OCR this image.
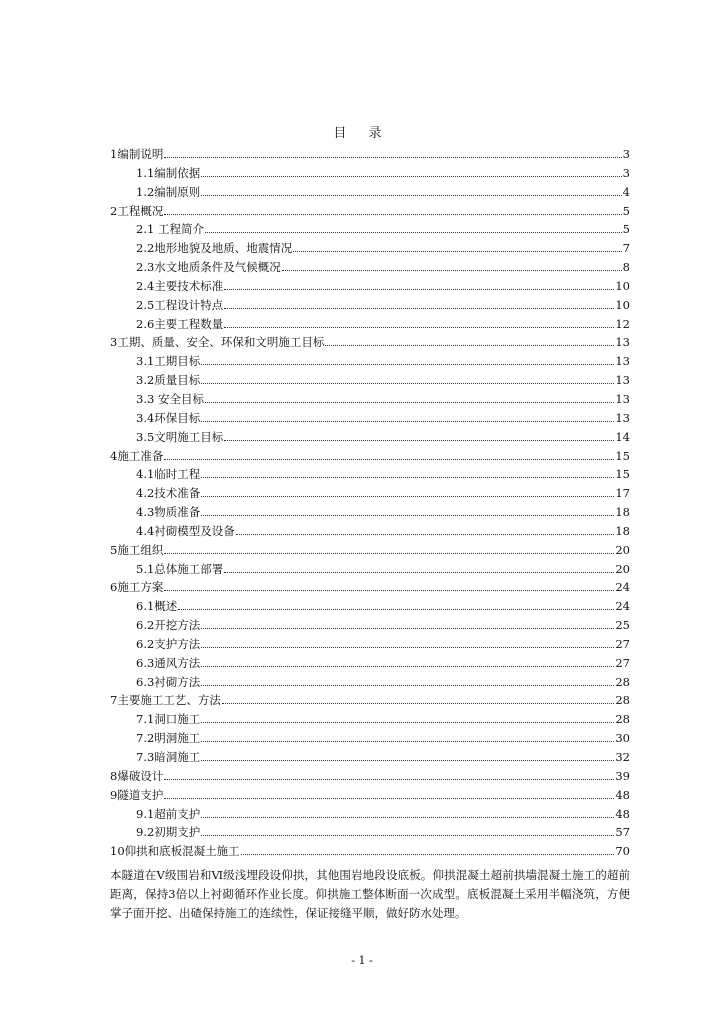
目 录
1编制说明	3
1.1编制依据	3
1.2编制原则	4
2工程概况	5
2.1 工程简介	5
2.2地形地貌及地质、地震情况	7
2.3水文地质条件及气候概况	8
2.4主要技术标准	10
2.5工程设计特点	10
2.6主要工程数量	12
3工期、质量、安全、环保和文明施工目标	13
3.1工期目标	13
3.2质量目标	13
3.3 安全目标	13
3.4环保目标	13
3.5文明施工目标	14
4施工准备	15
4.1临时工程	15
4.2技术准备	17
4.3物质准备	18
4.4衬砌模型及设备	18
5施工组织	20
5.1总体施工部署	20
6施工方案	24
6.1概述	24
6.2开挖方法	25
6.2支护方法	27
6.3通风方法	27
6.3衬砌方法	28
7主要施工工艺、方法	28
7.1洞口施工	28
7.2明洞施工	30
7.3暗洞施工	32
8爆破设计	39
9隧道支护	48
9.1超前支护	48
9.2初期支护	57
10仰拱和底板混凝土施工	70
本隧道在Ⅴ级围岩和Ⅵ级浅埋段设仰拱，其他围岩地段设底板。仰拱混凝土超前拱墙混凝土施工的超前距离，保持3倍以上衬砌循环作业长度。仰拱施工整体断面一次成型。底板混凝土采用半幅浇筑，方便掌子面开挖、出碴保持施工的连续性，保证接缝平顺，做好防水处理。
- 1 -
